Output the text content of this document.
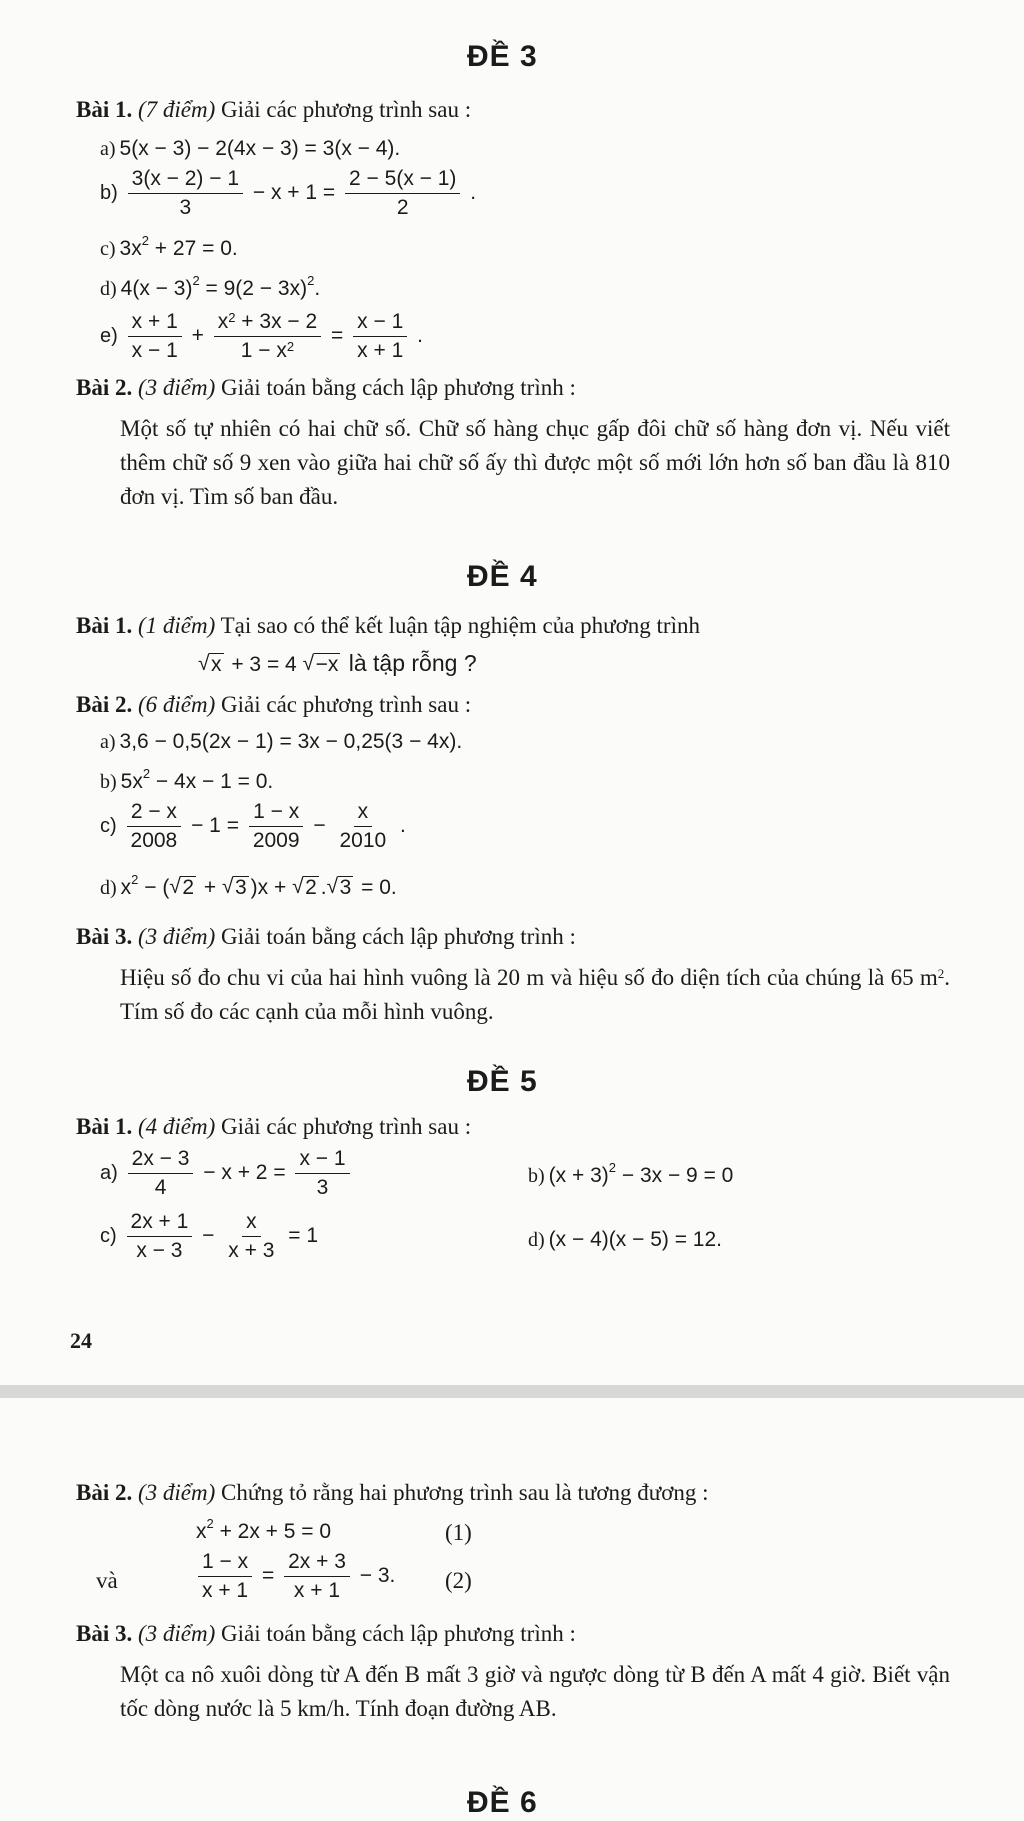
ĐỀ 3
Bài 1. (7 điểm) Giải các phương trình sau :
a) 5(x − 3) − 2(4x − 3) = 3(x − 4).
$b) \frac{3(x - 2) - 1}{3} - x + 1 = \frac{2 - 5(x - 1)}{2}$ .
c) $3x^2 + 27 = 0$.
d) $4(x - 3)^2 = 9(2 - 3x)^2$.
$e) \frac{x + 1}{x - 1} + \frac{x^2 + 3x - 2}{1 - x^2} = \frac{x - 1}{x + 1}$ .
Bài 2. (3 điểm) Giải toán bằng cách lập phương trình :
Một số tự nhiên có hai chữ số. Chữ số hàng chục gấp đôi chữ số hàng đơn vị. Nếu viết thêm chữ số 9 xen vào giữa hai chữ số ấy thì được một số mới lớn hơn số ban đầu là 810 đơn vị. Tìm số ban đầu.
ĐỀ 4
Bài 1. (1 điểm) Tại sao có thể kết luận tập nghiệm của phương trình
√ x + 3 = 4 √ −x là tập rỗng ?
Bài 2. (6 điểm) Giải các phương trình sau :
a) 3,6 − 0,5(2x − 1) = 3x − 0,25(3 − 4x).
b) $5x^2 - 4x - 1 = 0$.
$c) \frac{2 - x}{2008} - 1 = \frac{1 - x}{2009} - \frac{x}{2010}$ .
d) $x^2$ − ( √ 2 + √ 3 )x + √ 2 . √ 3 = 0.
Bài 3. (3 điểm) Giải toán bằng cách lập phương trình :
Hiệu số đo chu vi của hai hình vuông là 20 m và hiệu số đo diện tích của chúng là 65 $m^2$. Tím số đo các cạnh của mỗi hình vuông.
ĐỀ 5
Bài 1. (4 điểm) Giải các phương trình sau :
$a) \frac{2x - 3}{4} - x + 2 = \frac{x - 1}{3}$	b) $(x + 3)^2 - 3x - 9 = 0$
$c) \frac{2x + 1}{x - 3} - \frac{x}{x + 3} = 1$	d) (x − 4)(x − 5) = 12.
24
Bài 2. (3 điểm) Chứng tỏ rằng hai phương trình sau là tương đương :
$x^2 + 2x + 5 = 0$	(1)
và	$\frac{1 - x}{x + 1} = \frac{2x + 3}{x + 1} - 3$. (2)
Bài 3. (3 điểm) Giải toán bằng cách lập phương trình :
Một ca nô xuôi dòng từ A đến B mất 3 giờ và ngược dòng từ B đến A mất 4 giờ. Biết vận tốc dòng nước là 5 km/h. Tính đoạn đường AB.
ĐỀ 6
